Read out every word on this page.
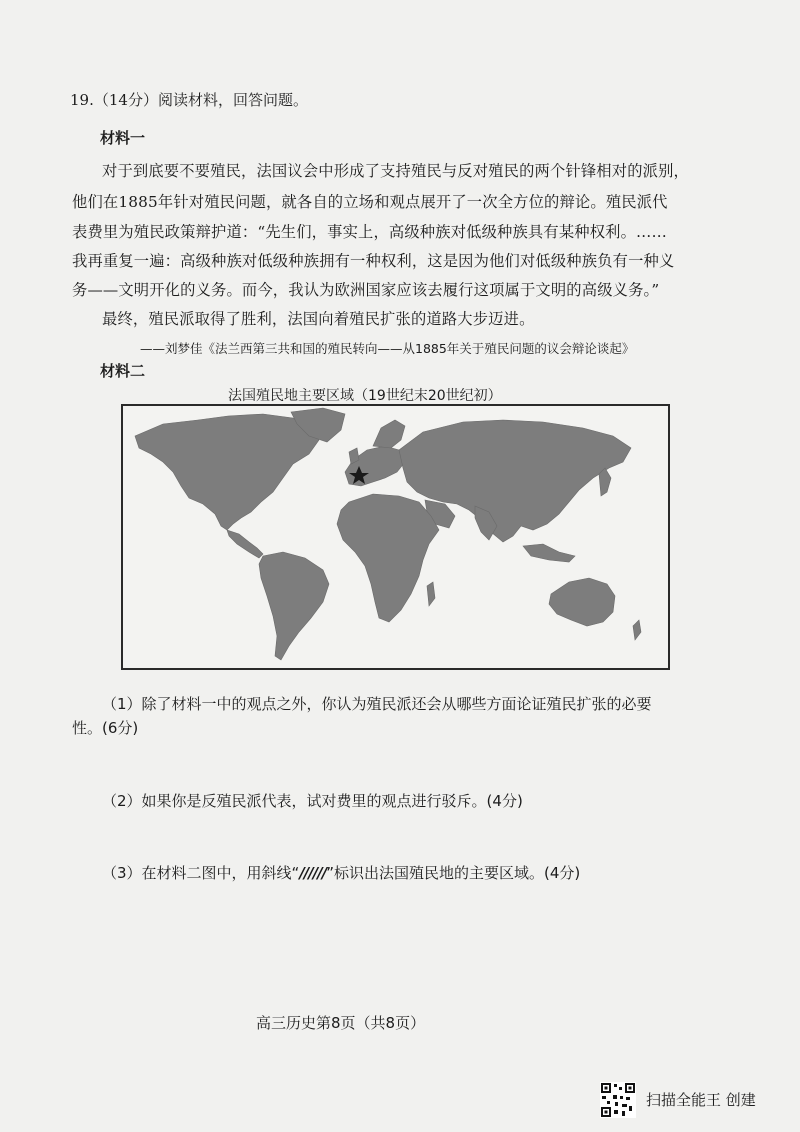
19.（14分）阅读材料，回答问题。
材料一
对于到底要不要殖民，法国议会中形成了支持殖民与反对殖民的两个针锋相对的派别，
他们在1885年针对殖民问题，就各自的立场和观点展开了一次全方位的辩论。殖民派代
表费里为殖民政策辩护道：“先生们，事实上，高级种族对低级种族具有某种权利。……
我再重复一遍：高级种族对低级种族拥有一种权利，这是因为他们对低级种族负有一种义
务——文明开化的义务。而今，我认为欧洲国家应该去履行这项属于文明的高级义务。”
最终，殖民派取得了胜利，法国向着殖民扩张的道路大步迈进。
——刘梦佳《法兰西第三共和国的殖民转向——从1885年关于殖民问题的议会辩论谈起》
材料二
法国殖民地主要区域（19世纪末20世纪初）
（1）除了材料一中的观点之外，你认为殖民派还会从哪些方面论证殖民扩张的必要
性。(6分)
（2）如果你是反殖民派代表，试对费里的观点进行驳斥。(4分)
（3）在材料二图中，用斜线“//////”标识出法国殖民地的主要区域。(4分)
高三历史第8页（共8页）
扫描全能王 创建
